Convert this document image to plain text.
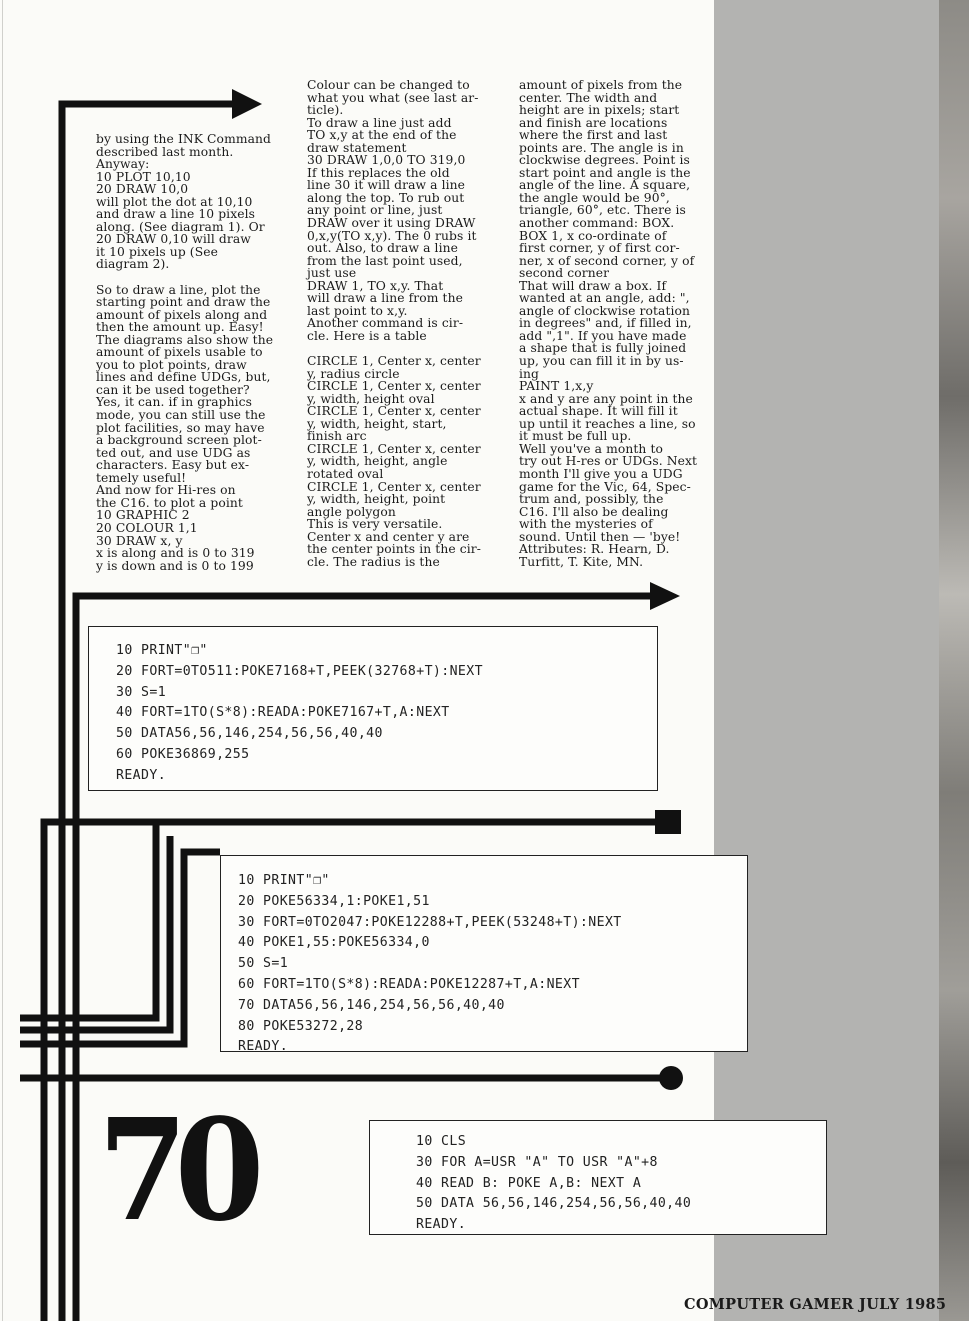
by using the INK Command
described last month.
Anyway:
10 PLOT 10,10
20 DRAW 10,0
will plot the dot at 10,10
and draw a line 10 pixels
along. (See diagram 1). Or
20 DRAW 0,10 will draw
it 10 pixels up (See
diagram 2).

So to draw a line, plot the
starting point and draw the
amount of pixels along and
then the amount up. Easy!
The diagrams also show the
amount of pixels usable to
you to plot points, draw
lines and define UDGs, but,
can it be used together?
Yes, it can. if in graphics
mode, you can still use the
plot facilities, so may have
a background screen plot-
ted out, and use UDG as
characters. Easy but ex-
temely useful!
And now for Hi-res on
the C16. to plot a point
10 GRAPHIC 2
20 COLOUR 1,1
30 DRAW x, y
x is along and is 0 to 319
y is down and is 0 to 199
Colour can be changed to
what you what (see last ar-
ticle).
To draw a line just add
TO x,y at the end of the
draw statement
30 DRAW 1,0,0 TO 319,0
If this replaces the old
line 30 it will draw a line
along the top. To rub out
any point or line, just
DRAW over it using DRAW
0,x,y(TO x,y). The 0 rubs it
out. Also, to draw a line
from the last point used,
just use
DRAW 1, TO x,y. That
will draw a line from the
last point to x,y.
Another command is cir-
cle. Here is a table

CIRCLE 1, Center x, center
y, radius circle
CIRCLE 1, Center x, center
y, width, height oval
CIRCLE 1, Center x, center
y, width, height, start,
finish arc
CIRCLE 1, Center x, center
y, width, height, angle
rotated oval
CIRCLE 1, Center x, center
y, width, height, point
angle polygon
This is very versatile.
Center x and center y are
the center points in the cir-
cle. The radius is the
amount of pixels from the
center. The width and
height are in pixels; start
and finish are locations
where the first and last
points are. The angle is in
clockwise degrees. Point is
start point and angle is the
angle of the line. A square,
the angle would be 90°,
triangle, 60°, etc. There is
another command: BOX.
BOX 1, x co-ordinate of
first corner, y of first cor-
ner, x of second corner, y of
second corner
That will draw a box. If
wanted at an angle, add: ",
angle of clockwise rotation
in degrees" and, if filled in,
add ",1". If you have made
a shape that is fully joined
up, you can fill it in by us-
ing
PAINT 1,x,y
x and y are any point in the
actual shape. It will fill it
up until it reaches a line, so
it must be full up.
Well you've a month to
try out H-res or UDGs. Next
month I'll give you a UDG
game for the Vic, 64, Spec-
trum and, possibly, the
C16. I'll also be dealing
with the mysteries of
sound. Until then — 'bye!
Attributes: R. Hearn, D.
Turfitt, T. Kite, MN.
10 PRINT"❐"
20 FORT=0TO511:POKE7168+T,PEEK(32768+T):NEXT
30 S=1
40 FORT=1TO(S*8):READA:POKE7167+T,A:NEXT
50 DATA56,56,146,254,56,56,40,40
60 POKE36869,255
READY.
10 PRINT"❐"
20 POKE56334,1:POKE1,51
30 FORT=0TO2047:POKE12288+T,PEEK(53248+T):NEXT
40 POKE1,55:POKE56334,0
50 S=1
60 FORT=1TO(S*8):READA:POKE12287+T,A:NEXT
70 DATA56,56,146,254,56,56,40,40
80 POKE53272,28
READY.
10 CLS
30 FOR A=USR "A" TO USR "A"+8
40 READ B: POKE A,B: NEXT A
50 DATA 56,56,146,254,56,56,40,40
READY.
70
COMPUTER GAMER JULY 1985
